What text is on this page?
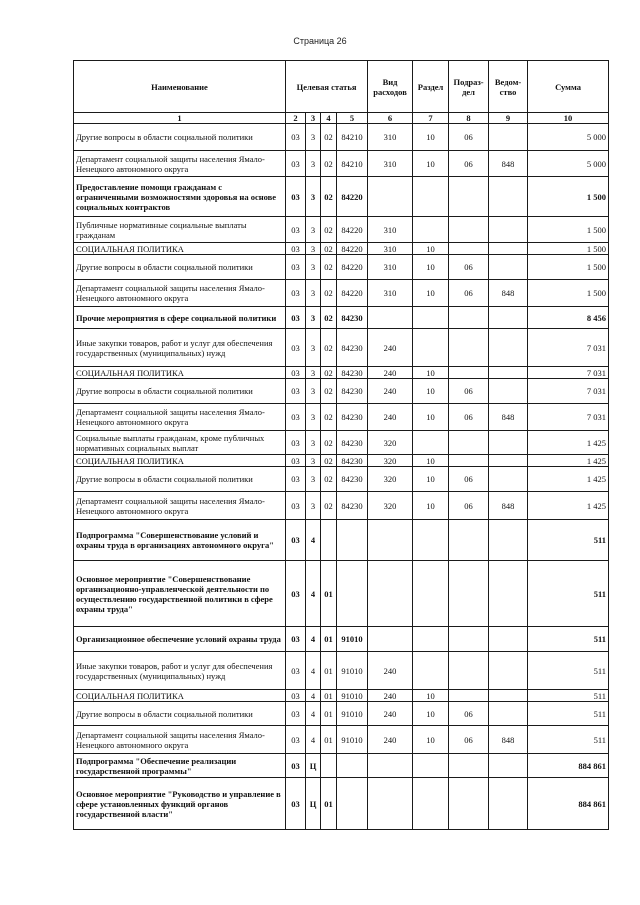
Страница 26
Наименование	Целевая статья				Вид расходов	Раздел	Подраз- дел	Ведом- ство	Сумма
1	2	3	4	5	6	7	8	9	10
Другие вопросы в области социальной политики	03	3	02	84210	310	10	06		5 000
Департамент социальной защиты населения Ямало-Ненецкого автономного округа	03	3	02	84210	310	10	06	848	5 000
Предоставление помощи гражданам с ограниченными возможностями здоровья на основе социальных контрактов	03	3	02	84220					1 500
Публичные нормативные социальные выплаты гражданам	03	3	02	84220	310				1 500
СОЦИАЛЬНАЯ ПОЛИТИКА	03	3	02	84220	310	10			1 500
Другие вопросы в области социальной политики	03	3	02	84220	310	10	06		1 500
Департамент социальной защиты населения Ямало-Ненецкого автономного округа	03	3	02	84220	310	10	06	848	1 500
Прочие мероприятия в сфере социальной политики	03	3	02	84230					8 456
Иные закупки товаров, работ и услуг для обеспечения государственных (муниципальных) нужд	03	3	02	84230	240				7 031
СОЦИАЛЬНАЯ ПОЛИТИКА	03	3	02	84230	240	10			7 031
Другие вопросы в области социальной политики	03	3	02	84230	240	10	06		7 031
Департамент социальной защиты населения Ямало-Ненецкого автономного округа	03	3	02	84230	240	10	06	848	7 031
Социальные выплаты гражданам, кроме публичных нормативных социальных выплат	03	3	02	84230	320				1 425
СОЦИАЛЬНАЯ ПОЛИТИКА	03	3	02	84230	320	10			1 425
Другие вопросы в области социальной политики	03	3	02	84230	320	10	06		1 425
Департамент социальной защиты населения Ямало-Ненецкого автономного округа	03	3	02	84230	320	10	06	848	1 425
Подпрограмма "Совершенствование условий и охраны труда в организациях автономного округа"	03	4							511
Основное мероприятие "Совершенствование организационно-управленческой деятельности по осуществлению государственной политики в сфере охраны труда"	03	4	01						511
Организационное обеспечение условий охраны труда	03	4	01	91010					511
Иные закупки товаров, работ и услуг для обеспечения государственных (муниципальных) нужд	03	4	01	91010	240				511
СОЦИАЛЬНАЯ ПОЛИТИКА	03	4	01	91010	240	10			511
Другие вопросы в области социальной политики	03	4	01	91010	240	10	06		511
Департамент социальной защиты населения Ямало-Ненецкого автономного округа	03	4	01	91010	240	10	06	848	511
Подпрограмма "Обеспечение реализации государственной программы"	03	Ц							884 861
Основное мероприятие "Руководство и управление в сфере установленных функций органов государственной власти"	03	Ц	01						884 861
